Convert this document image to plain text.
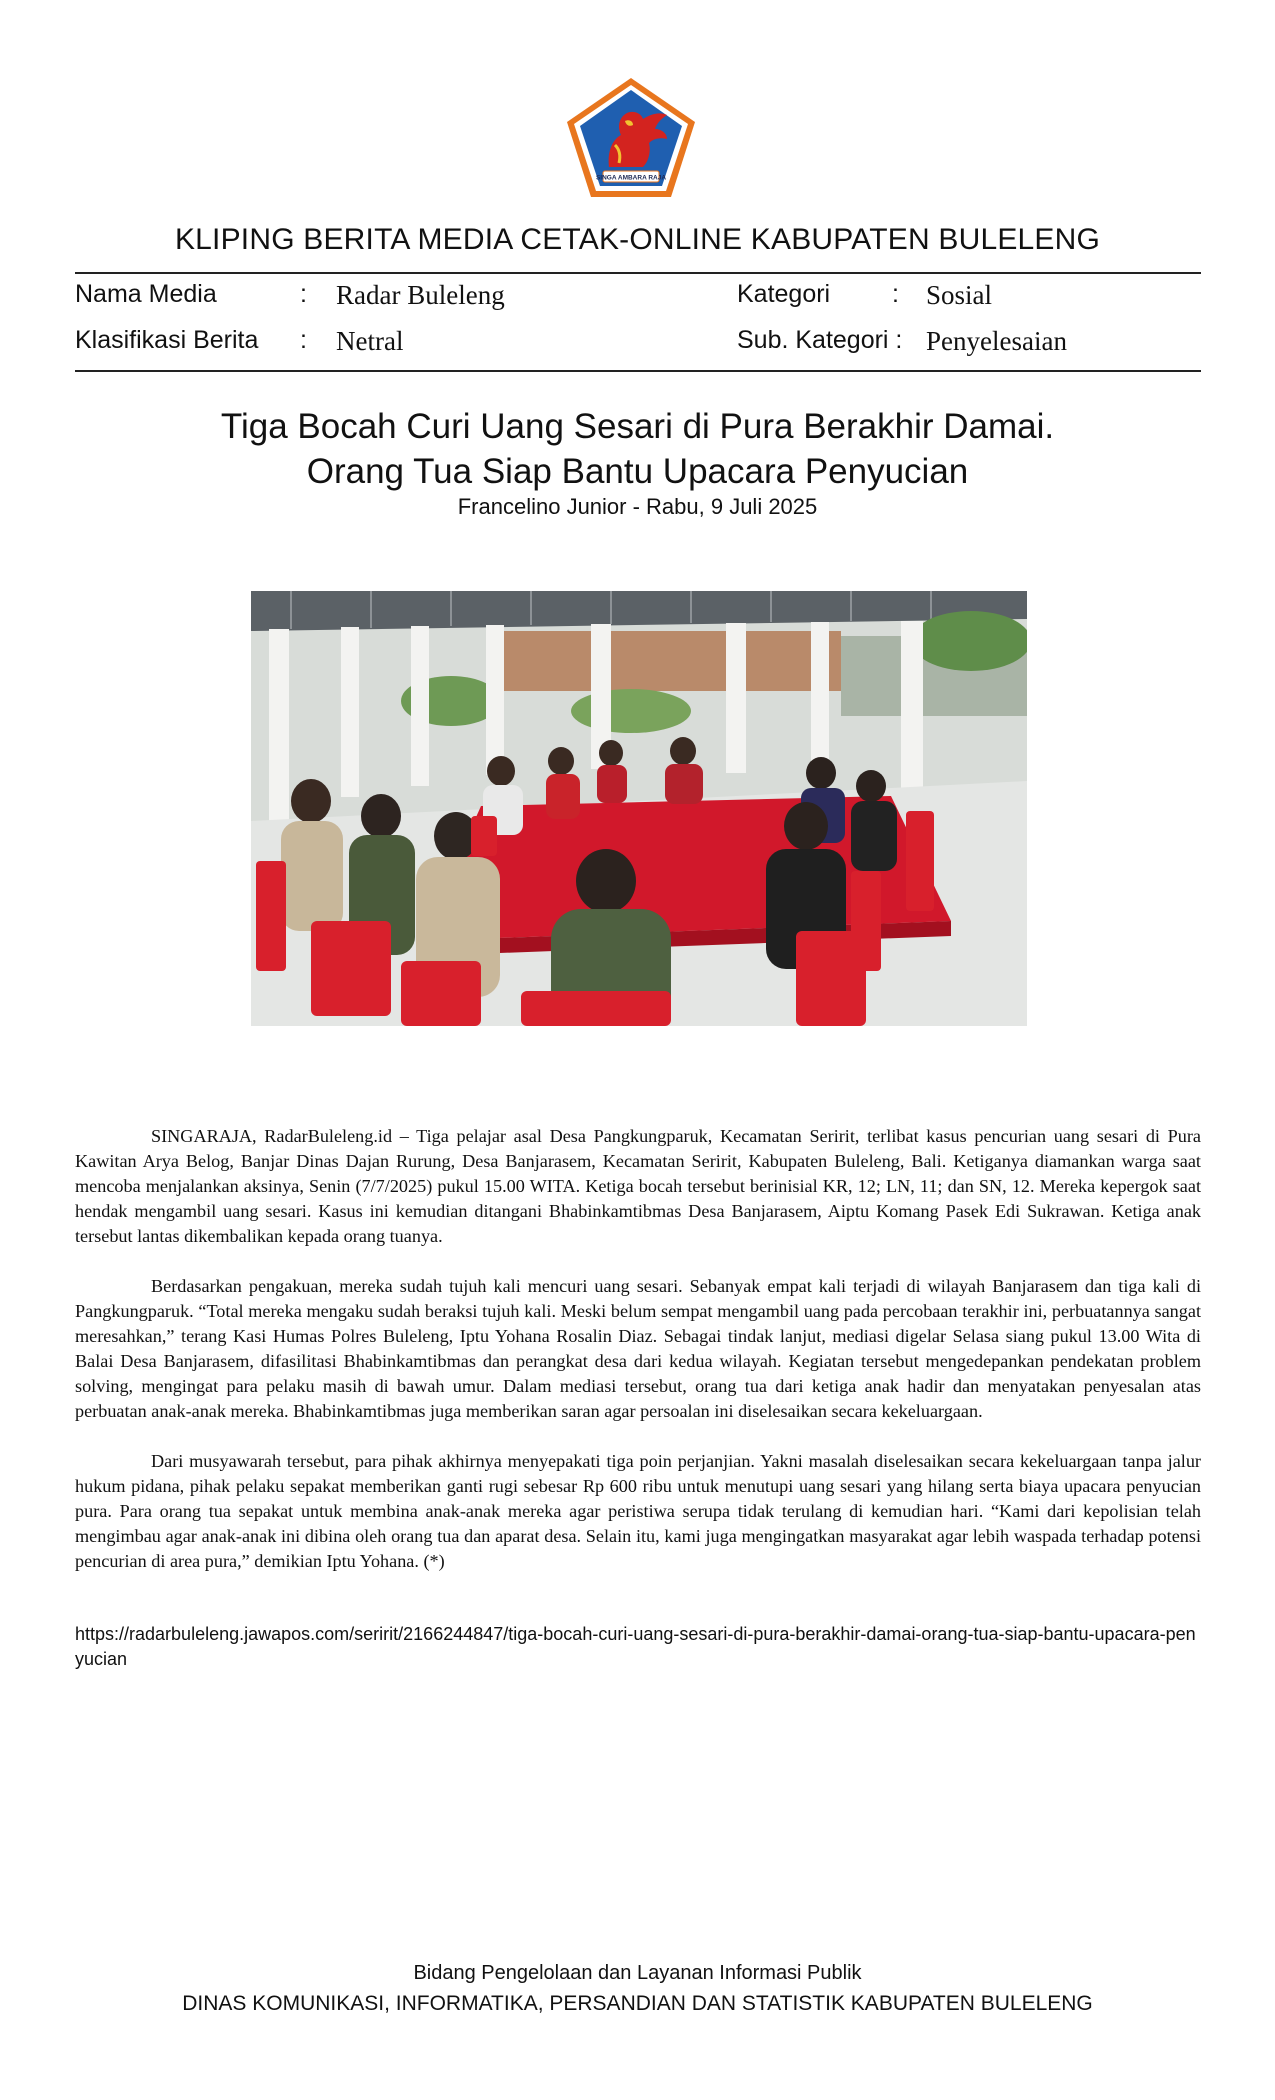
SINGA AMBARA RAJA
KLIPING BERITA MEDIA CETAK-ONLINE KABUPATEN BULELENG
Nama Media	: Radar Buleleng	Kategori : Sosial
Klasifikasi Berita : Netral	Sub. Kategori : Penyelesaian
Tiga Bocah Curi Uang Sesari di Pura Berakhir Damai.
Orang Tua Siap Bantu Upacara Penyucian
Francelino Junior - Rabu, 9 Juli 2025

SINGARAJA, RadarBuleleng.id – Tiga pelajar asal Desa Pangkungparuk, Kecamatan Seririt, terlibat kasus pencurian uang sesari di Pura Kawitan Arya Belog, Banjar Dinas Dajan Rurung, Desa Banjarasem, Kecamatan Seririt, Kabupaten Buleleng, Bali. Ketiganya diamankan warga saat mencoba menjalankan aksinya, Senin (7/7/2025) pukul 15.00 WITA. Ketiga bocah tersebut berinisial KR, 12; LN, 11; dan SN, 12. Mereka kepergok saat hendak mengambil uang sesari. Kasus ini kemudian ditangani Bhabinkamtibmas Desa Banjarasem, Aiptu Komang Pasek Edi Sukrawan. Ketiga anak tersebut lantas dikembalikan kepada orang tuanya.

Berdasarkan pengakuan, mereka sudah tujuh kali mencuri uang sesari. Sebanyak empat kali terjadi di wilayah Banjarasem dan tiga kali di Pangkungparuk. “Total mereka mengaku sudah beraksi tujuh kali. Meski belum sempat mengambil uang pada percobaan terakhir ini, perbuatannya sangat meresahkan,” terang Kasi Humas Polres Buleleng, Iptu Yohana Rosalin Diaz. Sebagai tindak lanjut, mediasi digelar Selasa siang pukul 13.00 Wita di Balai Desa Banjarasem, difasilitasi Bhabinkamtibmas dan perangkat desa dari kedua wilayah. Kegiatan tersebut mengedepankan pendekatan problem solving, mengingat para pelaku masih di bawah umur. Dalam mediasi tersebut, orang tua dari ketiga anak hadir dan menyatakan penyesalan atas perbuatan anak-anak mereka. Bhabinkamtibmas juga memberikan saran agar persoalan ini diselesaikan secara kekeluargaan.

Dari musyawarah tersebut, para pihak akhirnya menyepakati tiga poin perjanjian. Yakni masalah diselesaikan secara kekeluargaan tanpa jalur hukum pidana, pihak pelaku sepakat memberikan ganti rugi sebesar Rp 600 ribu untuk menutupi uang sesari yang hilang serta biaya upacara penyucian pura. Para orang tua sepakat untuk membina anak-anak mereka agar peristiwa serupa tidak terulang di kemudian hari. “Kami dari kepolisian telah mengimbau agar anak-anak ini dibina oleh orang tua dan aparat desa. Selain itu, kami juga mengingatkan masyarakat agar lebih waspada terhadap potensi pencurian di area pura,” demikian Iptu Yohana. (*)

https://radarbuleleng.jawapos.com/seririt/2166244847/tiga-bocah-curi-uang-sesari-di-pura-berakhir-damai-orang-tua-siap-bantu-upacara-penyucian
Bidang Pengelolaan dan Layanan Informasi Publik
DINAS KOMUNIKASI, INFORMATIKA, PERSANDIAN DAN STATISTIK KABUPATEN BULELENG
